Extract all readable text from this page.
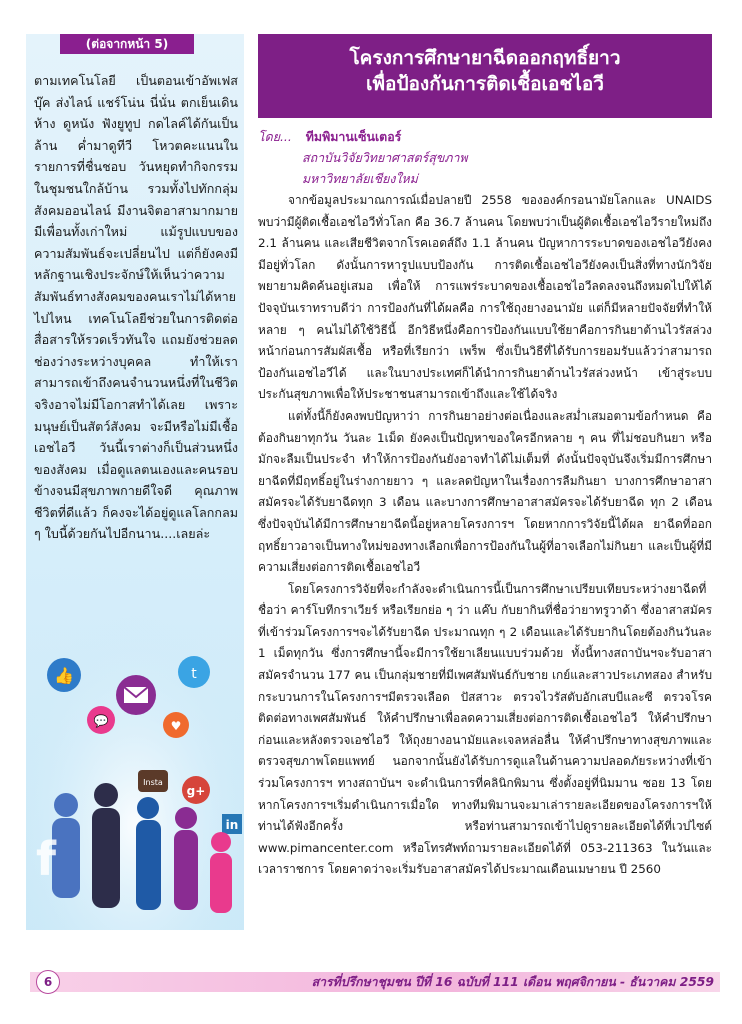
(ต่อจากหน้า 5)

ตามเทคโนโลยี เป็นตอนเข้าอัพเฟสบุ๊ค ส่งไลน์ แชร์โน่น นี่นั่น ตกเย็นเดินห้าง ดูหนัง ฟังยูทูป กดไลค์ได้กันเป็นล้าน ค่ำมาดูทีวี โหวตคะแนนในรายการที่ชื่นชอบ วันหยุดทำกิจกรรมในชุมชนใกล้บ้าน รวมทั้งไปทักกลุ่มสังคมออนไลน์ มีงานจิตอาสามากมาย มีเพื่อนทั้งเก่าใหม่ แม้รูปแบบของความสัมพันธ์จะเปลี่ยนไป แต่ก็ยังคงมีหลักฐานเชิงประจักษ์ให้เห็นว่าความสัมพันธ์ทางสังคมของคนเราไม่ได้หายไปไหน เทคโนโลยีช่วยในการติดต่อสื่อสารให้รวดเร็วทันใจ แถมยังช่วยลดช่องว่างระหว่างบุคคล ทำให้เราสามารถเข้าถึงคนจำนวนหนึ่งที่ในชีวิตจริงอาจไม่มีโอกาสทำได้เลย เพราะมนุษย์เป็นสัตว์สังคม จะมีหรือไม่มีเชื้อเอชไอวี วันนี้เราต่างก็เป็นส่วนหนึ่งของสังคม เมื่อดูแลตนเองและคนรอบข้างจนมีสุขภาพกายดีใจดี คุณภาพชีวิตที่ดีแล้ว ก็คงจะได้อยู่ดูแลโลกกลม ๆ ใบนี้ด้วยกันไปอีกนาน....เลยล่ะ

👍	t
💬	♥
g+
Insta
in
f
โครงการศึกษายาฉีดออกฤทธิ์ยาว
เพื่อป้องกันการติดเชื้อเอชไอวี
โดย... ทีมพิมานเซ็นเตอร์
สถาบันวิจัยวิทยาศาสตร์สุขภาพ
มหาวิทยาลัยเชียงใหม่

จากข้อมูลประมาณการณ์เมื่อปลายปี 2558 ขององค์กรอนามัยโลกและ UNAIDS พบว่ามีผู้ติดเชื้อเอชไอวีทั่วโลก คือ 36.7 ล้านคน โดยพบว่าเป็นผู้ติดเชื้อเอชไอวีรายใหม่ถึง 2.1 ล้านคน และเสียชีวิตจากโรคเอดส์ถึง 1.1 ล้านคน ปัญหาการระบาดของเอชไอวียังคงมีอยู่ทั่วโลก ดังนั้นการหารูปแบบป้องกัน การติดเชื้อเอชไอวียังคงเป็นสิ่งที่ทางนักวิจัยพยายามคิดค้นอยู่เสมอ เพื่อให้ การแพร่ระบาดของเชื้อเอชไอวีลดลงจนถึงหมดไปให้ได้ ปัจจุบันเราทราบดีว่า การป้องกันที่ได้ผลคือ การใช้ถุงยางอนามัย แต่ก็มีหลายปัจจัยที่ทำให้หลาย ๆ คนไม่ได้ใช้วิธีนี้ อีกวิธีหนึ่งคือการป้องกันแบบใช้ยาคือการกินยาต้านไวรัสล่วง หน้าก่อนการสัมผัสเชื้อ หรือที่เรียกว่า เพร็พ ซึ่งเป็นวิธีที่ได้รับการยอมรับแล้วว่าสามารถป้องกันเอชไอวีได้ และในบางประเทศก็ได้นำการกินยาต้านไวรัสล่วงหน้า เข้าสู่ระบบประกันสุขภาพเพื่อให้ประชาชนสามารถเข้าถึงและใช้ได้จริง

แต่ทั้งนี้ก็ยังคงพบปัญหาว่า การกินยาอย่างต่อเนื่องและสม่ำเสมอตามข้อกำหนด คือ ต้องกินยาทุกวัน วันละ 1เม็ด ยังคงเป็นปัญหาของใครอีกหลาย ๆ คน ที่ไม่ชอบกินยา หรือมักจะลืมเป็นประจำ ทำให้การป้องกันยังอาจทำได้ไม่เต็มที่ ดังนั้นปัจจุบันจึงเริ่มมีการศึกษายาฉีดที่มีฤทธิ์อยู่ในร่างกายยาว ๆ และลดปัญหาในเรื่องการลืมกินยา บางการศึกษาอาสาสมัครจะได้รับยาฉีดทุก 3 เดือน และบางการศึกษาอาสาสมัครจะได้รับยาฉีด ทุก 2 เดือน ซึ่งปัจจุบันได้มีการศึกษายาฉีดนี้อยู่หลายโครงการฯ โดยหากการวิจัยนี้ได้ผล ยาฉีดที่ออกฤทธิ์ยาวอาจเป็นทางใหม่ของทางเลือกเพื่อการป้องกันในผู้ที่อาจเลือกไม่กินยา และเป็นผู้ที่มีความเสี่ยงต่อการติดเชื้อเอชไอวี

โดยโครงการวิจัยที่จะกำลังจะดำเนินการนี้เป็นการศึกษาเปรียบเทียบระหว่างยาฉีดที่ชื่อว่า คาร์โบทีกราเวียร์ หรือเรียกย่อ ๆ ว่า แค๊บ กับยากินที่ชื่อว่ายาทรูวาด้า ซึ่งอาสาสมัครที่เข้าร่วมโครงการฯจะได้รับยาฉีด ประมาณทุก ๆ 2 เดือนและได้รับยากินโดยต้องกินวันละ 1 เม็ดทุกวัน ซึ่งการศึกษานี้จะมีการใช้ยาเลียนแบบร่วมด้วย ทั้งนี้ทางสถาบันฯจะรับอาสาสมัครจำนวน 177 คน เป็นกลุ่มชายที่มีเพศสัมพันธ์กับชาย เกย์และสาวประเภทสอง สำหรับกระบวนการในโครงการฯมีตรวจเลือด ปัสสาวะ ตรวจไวรัสตับอักเสบบีและซี ตรวจโรคติดต่อทางเพศสัมพันธ์ ให้คำปรึกษาเพื่อลดความเสี่ยงต่อการติดเชื้อเอชไอวี ให้คำปรึกษาก่อนและหลังตรวจเอชไอวี ให้ถุงยางอนามัยและเจลหล่อลื่น ให้คำปรึกษาทางสุขภาพและตรวจสุขภาพโดยแพทย์ นอกจากนั้นยังได้รับการดูแลในด้านความปลอดภัยระหว่างที่เข้าร่วมโครงการฯ ทางสถาบันฯ จะดำเนินการที่คลินิกพิมาน ซึ่งตั้งอยู่ที่นิมมาน ซอย 13 โดยหากโครงการฯเริ่มดำเนินการเมื่อใด ทางทีมพิมานจะมาเล่ารายละเอียดของโครงการฯให้ท่านได้ฟังอีกครั้ง หรือท่านสามารถเข้าไปดูรายละเอียดได้ที่เวปไซต์ www.pimancenter.com หรือโทรศัพท์ถามรายละเอียดได้ที่ 053-211363 ในวันและเวลาราชการ โดยคาดว่าจะเริ่มรับอาสาสมัครได้ประมาณเดือนเมษายน ปี 2560

6	สารที่ปรึกษาชุมชน ปีที่ 16 ฉบับที่ 111 เดือน พฤศจิกายน - ธันวาคม 2559
